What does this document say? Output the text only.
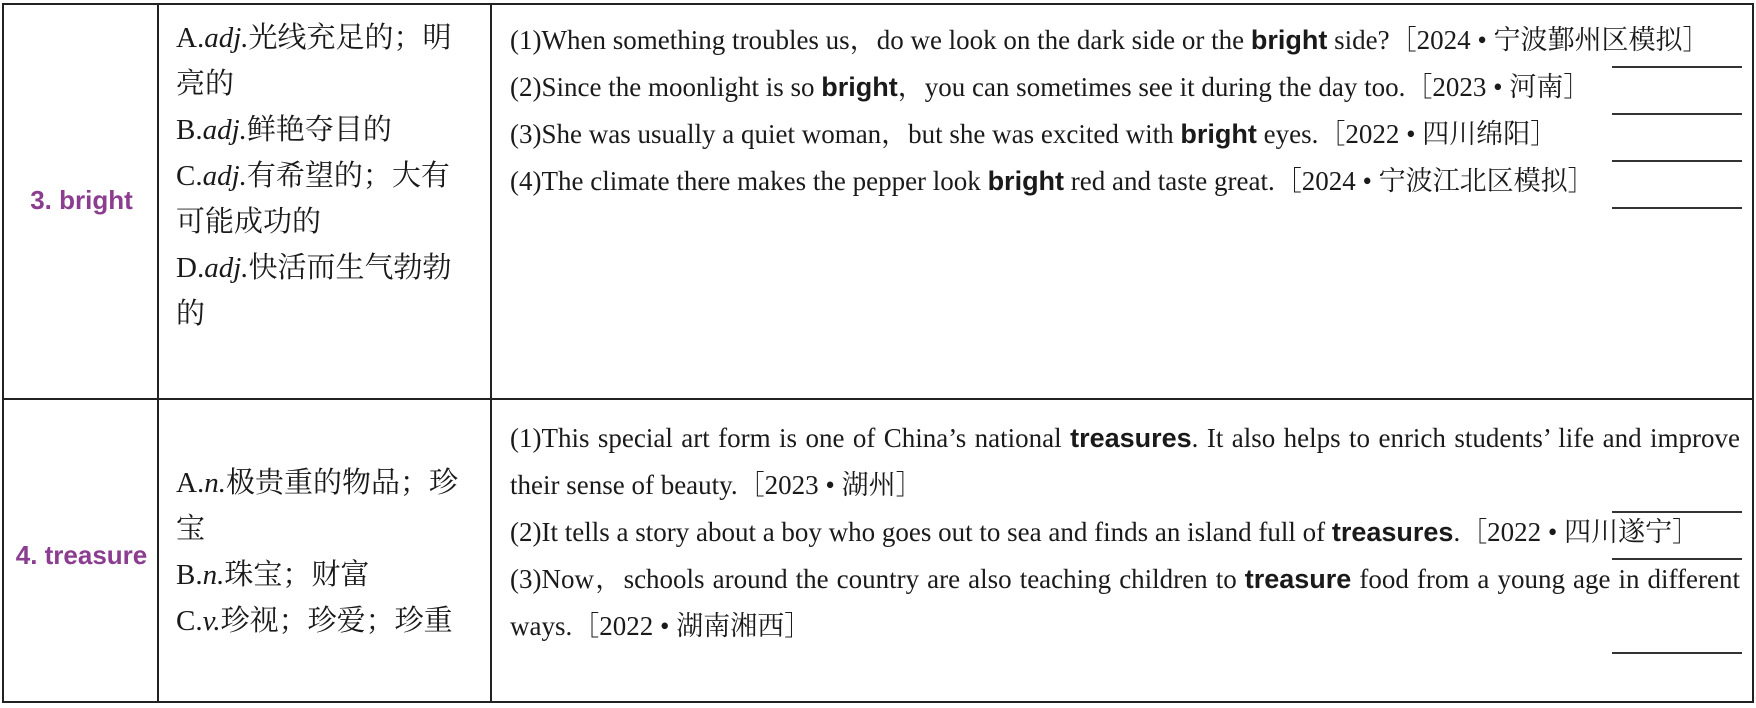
3. bright
A.adj.光线充足的；明亮的
B.adj.鲜艳夺目的
C.adj.有希望的；大有可能成功的
D.adj.快活而生气勃勃的
(1)When something troubles us，do we look on the dark side or the bright side?［2024 • 宁波鄞州区模拟］
(2)Since the moonlight is so bright，you can sometimes see it during the day too.［2023 • 河南］
(3)She was usually a quiet woman，but she was excited with bright eyes.［2022 • 四川绵阳］
(4)The climate there makes the pepper look bright red and taste great.［2024 • 宁波江北区模拟］
4. treasure
A.n.极贵重的物品；珍宝
B.n.珠宝；财富
C.v.珍视；珍爱；珍重
(1)This special art form is one of China’s national treasures. It also helps to enrich students’ life and improve their sense of beauty.［2023 • 湖州］
(2)It tells a story about a boy who goes out to sea and finds an island full of treasures.［2022 • 四川遂宁］
(3)Now，schools around the country are also teaching children to treasure food from a young age in different ways.［2022 • 湖南湘西］
